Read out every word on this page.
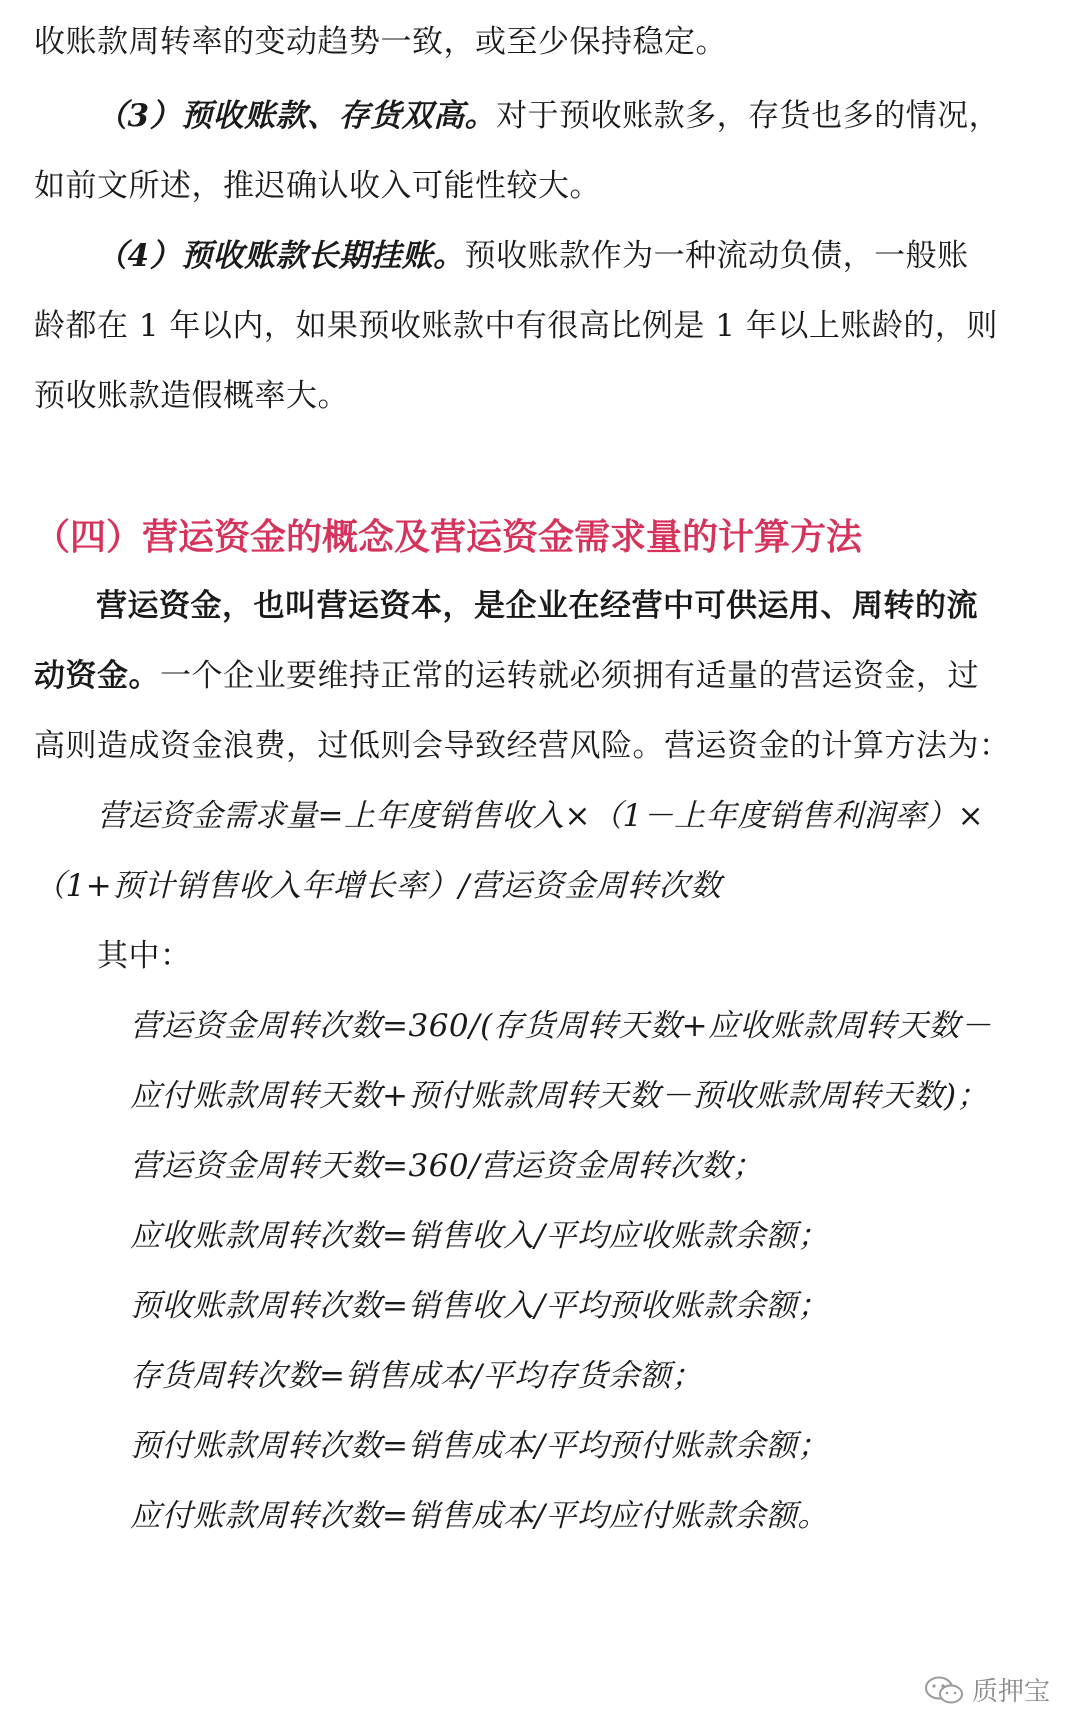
收账款周转率的变动趋势一致，或至少保持稳定。
（3）预收账款、存货双高。对于预收账款多，存货也多的情况，
如前文所述，推迟确认收入可能性较大。
（4）预收账款长期挂账。预收账款作为一种流动负债，一般账
龄都在 1 年以内，如果预收账款中有很高比例是 1 年以上账龄的，则
预收账款造假概率大。
（四）营运资金的概念及营运资金需求量的计算方法
营运资金，也叫营运资本，是企业在经营中可供运用、周转的流
动资金。一个企业要维持正常的运转就必须拥有适量的营运资金，过
高则造成资金浪费，过低则会导致经营风险。营运资金的计算方法为：
营运资金需求量=上年度销售收入×（1－上年度销售利润率）×
（1+预计销售收入年增长率）/营运资金周转次数
其中：
营运资金周转次数=360/(存货周转天数+应收账款周转天数－
应付账款周转天数+预付账款周转天数－预收账款周转天数)；
营运资金周转天数=360/营运资金周转次数；
应收账款周转次数=销售收入/平均应收账款余额；
预收账款周转次数=销售收入/平均预收账款余额；
存货周转次数=销售成本/平均存货余额；
预付账款周转次数=销售成本/平均预付账款余额；
应付账款周转次数=销售成本/平均应付账款余额。
质押宝
